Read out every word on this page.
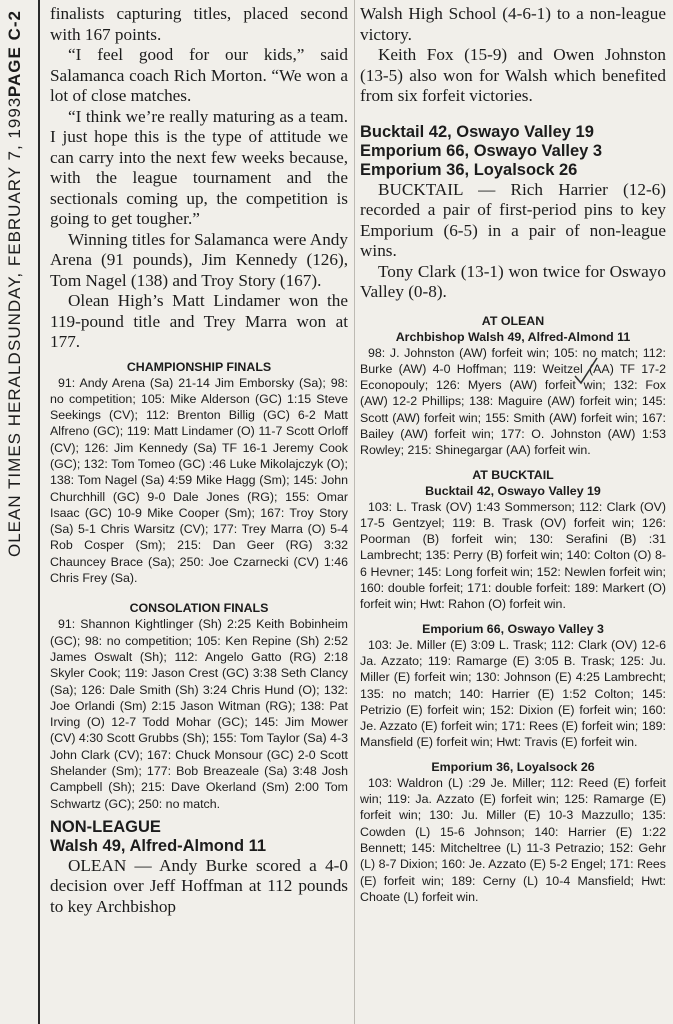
OLEAN TIMES HERALDSUNDAY, FEBRUARY 7, 1993PAGE C-2 finalists capturing titles, placed second with 167 points.

“I feel good for our kids,” said Salamanca coach Rich Morton. “We won a lot of close matches.

“I think we’re really maturing as a team. I just hope this is the type of attitude we can carry into the next few weeks because, with the league tournament and the sectionals coming up, the competition is going to get tougher.”

Winning titles for Salamanca were Andy Arena (91 pounds), Jim Kennedy (126), Tom Nagel (138) and Troy Story (167).

Olean High’s Matt Lindamer won the 119-pound title and Trey Marra won at 177.

CHAMPIONSHIP FINALS

91: Andy Arena (Sa) 21-14 Jim Emborsky (Sa); 98: no competition; 105: Mike Alderson (GC) 1:15 Steve Seekings (CV); 112: Brenton Billig (GC) 6-2 Matt Alfreno (GC); 119: Matt Lindamer (O) 11-7 Scott Orloff (CV); 126: Jim Kennedy (Sa) TF 16-1 Jeremy Cook (GC); 132: Tom Tomeo (GC) :46 Luke Mikolajczyk (O); 138: Tom Nagel (Sa) 4:59 Mike Hagg (Sm); 145: John Churchhill (GC) 9-0 Dale Jones (RG); 155: Omar Isaac (GC) 10-9 Mike Cooper (Sm); 167: Troy Story (Sa) 5-1 Chris Warsitz (CV); 177: Trey Marra (O) 5-4 Rob Cosper (Sm); 215: Dan Geer (RG) 3:32 Chauncey Brace (Sa); 250: Joe Czarnecki (CV) 1:46 Chris Frey (Sa).

CONSOLATION FINALS

91: Shannon Kightlinger (Sh) 2:25 Keith Bobinheim (GC); 98: no competition; 105: Ken Repine (Sh) 2:52 James Oswalt (Sh); 112: Angelo Gatto (RG) 2:18 Skyler Cook; 119: Jason Crest (GC) 3:38 Seth Clancy (Sa); 126: Dale Smith (Sh) 3:24 Chris Hund (O); 132: Joe Orlandi (Sm) 2:15 Jason Witman (RG); 138: Pat Irving (O) 12-7 Todd Mohar (GC); 145: Jim Mower (CV) 4:30 Scott Grubbs (Sh); 155: Tom Taylor (Sa) 4-3 John Clark (CV); 167: Chuck Monsour (GC) 2-0 Scott Shelander (Sm); 177: Bob Breazeale (Sa) 3:48 Josh Campbell (Sh); 215: Dave Okerland (Sm) 2:00 Tom Schwartz (GC); 250: no match.

NON-LEAGUE
Walsh 49, Alfred-Almond 11

OLEAN — Andy Burke scored a 4-0 decision over Jeff Hoffman at 112 pounds to key Archbishop

Walsh High School (4-6-1) to a non-league victory.

Keith Fox (15-9) and Owen Johnston (13-5) also won for Walsh which benefited from six forfeit victories.

Bucktail 42, Oswayo Valley 19
Emporium 66, Oswayo Valley 3
Emporium 36, Loyalsock 26

BUCKTAIL — Rich Harrier (12-6) recorded a pair of first-period pins to key Emporium (6-5) in a pair of non-league wins.

Tony Clark (13-1) won twice for Oswayo Valley (0-8).

AT OLEAN
Archbishop Walsh 49, Alfred-Almond 11

98: J. Johnston (AW) forfeit win; 105: no match; 112: Burke (AW) 4-0 Hoffman; 119: Weitzel (AA) TF 17-2 Econopouly; 126: Myers (AW) forfeit win; 132: Fox (AW) 12-2 Phillips; 138: Maguire (AW) forfeit win; 145: Scott (AW) forfeit win; 155: Smith (AW) forfeit win; 167: Bailey (AW) forfeit win; 177: O. Johnston (AW) 1:53 Rowley; 215: Shinegargar (AA) forfeit win.

AT BUCKTAIL
Bucktail 42, Oswayo Valley 19

103: L. Trask (OV) 1:43 Sommerson; 112: Clark (OV) 17-5 Gentzyel; 119: B. Trask (OV) forfeit win; 126: Poorman (B) forfeit win; 130: Serafini (B) :31 Lambrecht; 135: Perry (B) forfeit win; 140: Colton (O) 8-6 Hevner; 145: Long forfeit win; 152: Newlen forfeit win; 160: double forfeit; 171: double forfeit: 189: Markert (O) forfeit win; Hwt: Rahon (O) forfeit win.

Emporium 66, Oswayo Valley 3

103: Je. Miller (E) 3:09 L. Trask; 112: Clark (OV) 12-6 Ja. Azzato; 119: Ramarge (E) 3:05 B. Trask; 125: Ju. Miller (E) forfeit win; 130: Johnson (E) 4:25 Lambrecht; 135: no match; 140: Harrier (E) 1:52 Colton; 145: Petrizio (E) forfeit win; 152: Dixion (E) forfeit win; 160: Je. Azzato (E) forfeit win; 171: Rees (E) forfeit win; 189: Mansfield (E) forfeit win; Hwt: Travis (E) forfeit win.

Emporium 36, Loyalsock 26

103: Waldron (L) :29 Je. Miller; 112: Reed (E) forfeit win; 119: Ja. Azzato (E) forfeit win; 125: Ramarge (E) forfeit win; 130: Ju. Miller (E) 10-3 Mazzullo; 135: Cowden (L) 15-6 Johnson; 140: Harrier (E) 1:22 Bennett; 145: Mitcheltree (L) 11-3 Petrazio; 152: Gehr (L) 8-7 Dixion; 160: Je. Azzato (E) 5-2 Engel; 171: Rees (E) forfeit win; 189: Cerny (L) 10-4 Mansfield; Hwt: Choate (L) forfeit win.
